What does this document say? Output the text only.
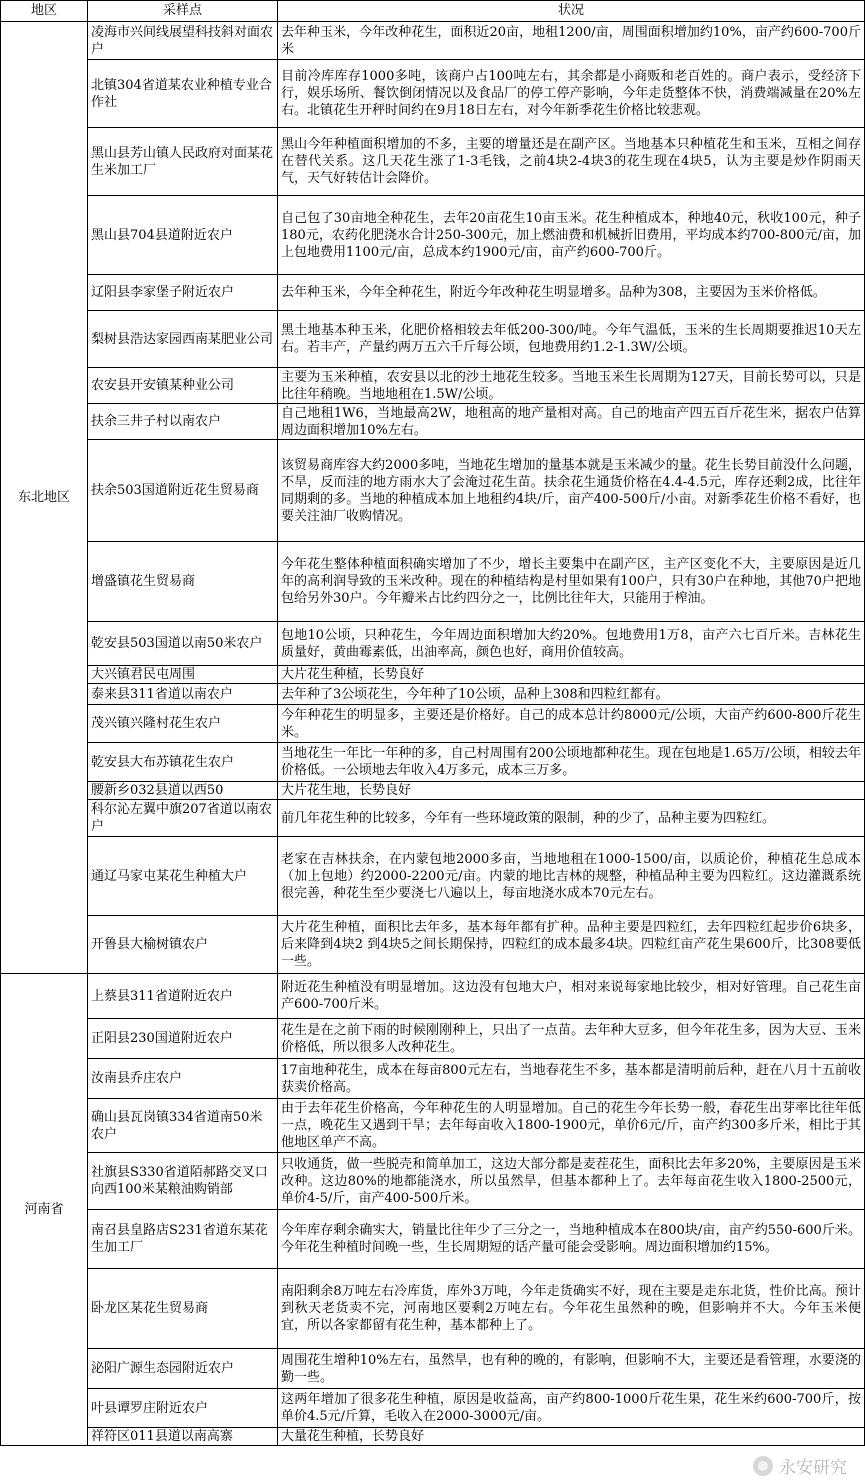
地区	采样点	状况
东北地区	凌海市兴间线展望科技斜对面农户	去年种玉米，今年改种花生，面积近20亩，地租1200/亩，周围面积增加约10%，亩产约600-700斤米
	北镇304省道某农业种植专业合作社	目前冷库库存1000多吨，该商户占100吨左右，其余都是小商贩和老百姓的。商户表示，受经济下行，娱乐场所、餐饮倒闭情况以及食品厂的停工停产影响，今年走货整体不快，消费端减量在20%左右。北镇花生开秤时间约在9月18日左右，对今年新季花生价格比较悲观。
	黑山县芳山镇人民政府对面某花生米加工厂	黑山今年种植面积增加的不多，主要的增量还是在副产区。当地基本只种植花生和玉米，互相之间存在替代关系。这几天花生涨了1-3毛钱，之前4块2-4块3的花生现在4块5，认为主要是炒作阴雨天气，天气好转估计会降价。
	黑山县704县道附近农户	自己包了30亩地全种花生，去年20亩花生10亩玉米。花生种植成本，种地40元，秋收100元，种子180元，农药化肥浇水合计250-300元，加上燃油费和机械折旧费用，平均成本约700-800元/亩，加上包地费用1100元/亩，总成本约1900元/亩，亩产约600-700斤。
	辽阳县李家堡子附近农户	去年种玉米，今年全种花生，附近今年改种花生明显增多。品种为308，主要因为玉米价格低。
	梨树县浩达家园西南某肥业公司	黑土地基本种玉米，化肥价格相较去年低200-300/吨。今年气温低，玉米的生长周期要推迟10天左右。若丰产，产量约两万五六千斤每公顷，包地费用约1.2-1.3W/公顷。
	农安县开安镇某种业公司	主要为玉米种植，农安县以北的沙土地花生较多。当地玉米生长周期为127天，目前长势可以，只是比往年稍晚。当地地租在1.5W/公顷。
	扶余三井子村以南农户	自己地租1W6，当地最高2W，地租高的地产量相对高。自己的地亩产四五百斤花生米，据农户估算周边面积增加10%左右。
	扶余503国道附近花生贸易商	该贸易商库容大约2000多吨，当地花生增加的量基本就是玉米减少的量。花生长势目前没什么问题，不旱，反而洼的地方雨水大了会淹过花生苗。扶余花生通货价格在4.4-4.5元，库存还剩2成，比往年同期剩的多。当地的种植成本加上地租约4块/斤，亩产400-500斤/小亩。对新季花生价格不看好，也要关注油厂收购情况。
	增盛镇花生贸易商	今年花生整体种植面积确实增加了不少，增长主要集中在副产区，主产区变化不大，主要原因是近几年的高利润导致的玉米改种。现在的种植结构是村里如果有100户，只有30户在种地，其他70户把地包给另外30户。今年瓣米占比约四分之一，比例比往年大，只能用于榨油。
	乾安县503国道以南50米农户	包地10公顷，只种花生，今年周边面积增加大约20%。包地费用1万8，亩产六七百斤米。吉林花生质量好，黄曲霉素低，出油率高，颜色也好，商用价值较高。
	大兴镇君民屯周围	大片花生种植，长势良好
	泰来县311省道以南农户	去年种了3公顷花生，今年种了10公顷，品种上308和四粒红都有。
	茂兴镇兴隆村花生农户	今年种花生的明显多，主要还是价格好。自己的成本总计约8000元/公顷，大亩产约600-800斤花生米。
	乾安县大布苏镇花生农户	当地花生一年比一年种的多，自己村周围有200公顷地都种花生。现在包地是1.65万/公顷，相较去年价格低。一公顷地去年收入4万多元，成本三万多。
	腰新乡032县道以西50	大片花生地，长势良好
	科尔沁左翼中旗207省道以南农户	前几年花生种的比较多，今年有一些环境政策的限制，种的少了，品种主要为四粒红。
	通辽马家屯某花生种植大户	老家在吉林扶余，在内蒙包地2000多亩，当地地租在1000-1500/亩，以质论价，种植花生总成本（加上包地）约2000-2200元/亩。内蒙的地比吉林的规整，种植品种主要为四粒红。这边灌溉系统很完善，种花生至少要浇七八遍以上，每亩地浇水成本70元左右。
	开鲁县大榆树镇农户	大片花生种植，面积比去年多，基本每年都有扩种。品种主要是四粒红，去年四粒红起步价6块多，后来降到4块2 到4块5之间长期保持，四粒红的成本最多4块。四粒红亩产花生果600斤，比308要低一些。
河南省	上蔡县311省道附近农户	附近花生种植没有明显增加。这边没有包地大户，相对来说每家地比较少，相对好管理。自己花生亩产600-700斤米。
	正阳县230国道附近农户	花生是在之前下雨的时候刚刚种上，只出了一点苗。去年种大豆多，但今年花生多，因为大豆、玉米价格低，所以很多人改种花生。
	汝南县乔庄农户	17亩地种花生，成本在每亩800元左右，当地春花生不多，基本都是清明前后种，赶在八月十五前收获卖价格高。
	确山县瓦岗镇334省道南50米农户	由于去年花生价格高，今年种花生的人明显增加。自己的花生今年长势一般，春花生出芽率比往年低一点，晚花生又遇到干旱；去年每亩收入1800-1900元，单价6元/斤，亩产约300多斤米，相比于其他地区单产不高。
	社旗县S330省道陌郝路交叉口向西100米某粮油购销部	只收通货，做一些脱壳和简单加工，这边大部分都是麦茬花生，面积比去年多20%，主要原因是玉米改种。这边80%的地都能浇水，所以虽然旱，但基本都种上了。去年每亩花生收入1800-2500元，单价4-5/斤，亩产400-500斤米。
	南召县皇路店S231省道东某花生加工厂	今年库存剩余确实大，销量比往年少了三分之一，当地种植成本在800块/亩，亩产约550-600斤米。今年花生种植时间晚一些，生长周期短的话产量可能会受影响。周边面积增加约15%。
	卧龙区某花生贸易商	南阳剩余8万吨左右冷库货，库外3万吨，今年走货确实不好，现在主要是走东北货，性价比高。预计到秋天老货卖不完，河南地区要剩2万吨左右。今年花生虽然种的晚，但影响并不大。今年玉米便宜，所以各家都留有花生种，基本都种上了。
	泌阳广源生态园附近农户	周围花生增种10%左右，虽然旱，也有种的晚的，有影响，但影响不大，主要还是看管理，水要浇的勤一些。
	叶县谭罗庄附近农户	这两年增加了很多花生种植，原因是收益高，亩产约800-1000斤花生果，花生米约600-700斤，按单价4.5元/斤算，毛收入在2000-3000元/亩。
	祥符区011县道以南高寨	大量花生种植，长势良好
永安研究
